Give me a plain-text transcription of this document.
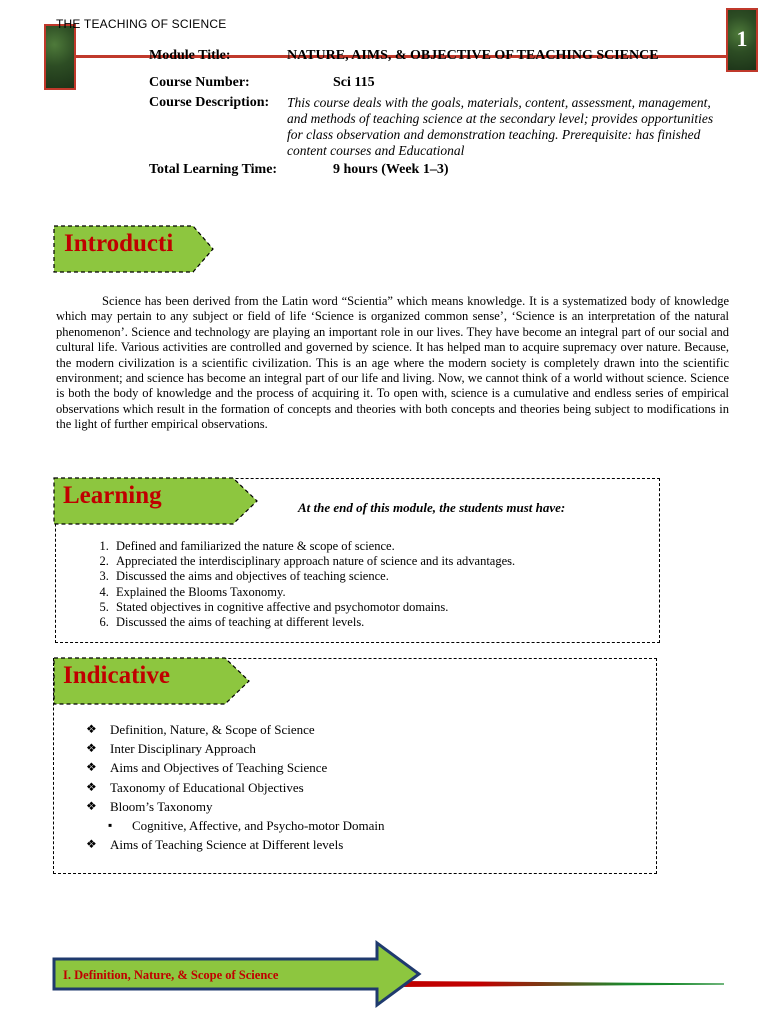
THE TEACHING OF SCIENCE
1
Module Title:	NATURE, AIMS, & OBJECTIVE OF TEACHING SCIENCE
Course Number:	Sci 115
Course Description: This course deals with the goals, materials, content, assessment, management, and methods of teaching science at the secondary level; provides opportunities for class observation and demonstration teaching. Prerequisite: has finished content courses and Educational
Total Learning Time:	9 hours (Week 1–3)
Introducti
Science has been derived from the Latin word “Scientia” which means knowledge. It is a systematized body of knowledge which may pertain to any subject or field of life ‘Science is organized common sense’, ‘Science is an interpretation of the natural phenomenon’. Science and technology are playing an important role in our lives. They have become an integral part of our social and cultural life. Various activities are controlled and governed by science. It has helped man to acquire supremacy over nature. Because, the modern civilization is a scientific civilization. This is an age where the modern society is completely drawn into the scientific environment; and science has become an integral part of our life and living. Now, we cannot think of a world without science. Science is both the body of knowledge and the process of acquiring it. To open with, science is a cumulative and endless series of empirical observations which result in the formation of concepts and theories with both concepts and theories being subject to modifications in the light of further empirical observations.
Learning	At the end of this module, the students must have:
1. Defined and familiarized the nature & scope of science.
2. Appreciated the interdisciplinary approach nature of science and its advantages.
3. Discussed the aims and objectives of teaching science.
4. Explained the Blooms Taxonomy.
5. Stated objectives in cognitive affective and psychomotor domains.
6. Discussed the aims of teaching at different levels.
Indicative
❖ Definition, Nature, & Scope of Science
❖ Inter Disciplinary Approach
❖ Aims and Objectives of Teaching Science
❖ Taxonomy of Educational Objectives
❖ Bloom’s Taxonomy
▪ Cognitive, Affective, and Psycho-motor Domain
❖ Aims of Teaching Science at Different levels
I. Definition, Nature, & Scope of Science
